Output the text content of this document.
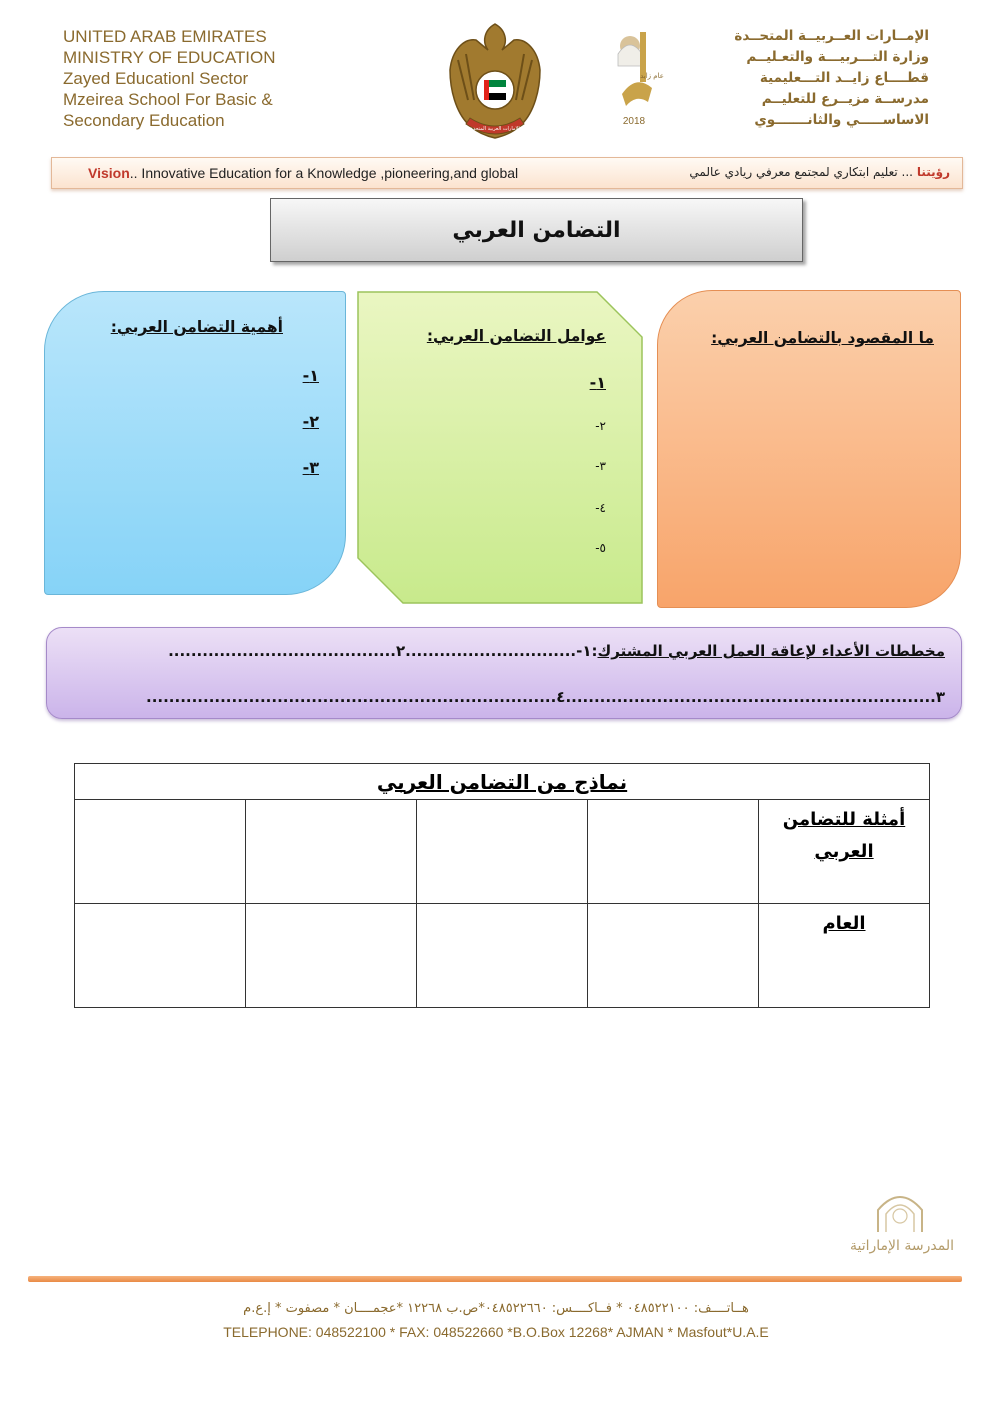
UNITED ARAB EMIRATES
MINISTRY OF EDUCATION
Zayed Educationl Sector
Mzeirea School For Basic &
Secondary Education	الإمارات العربية المتحدة
عام زايد
2018
الإمــارات العــربيــة المتحــدة
وزارة التـــربيـــة والتعـليــم
قطــــاع زايــد التـــعليمية
مدرســة مزيــرع للتعليــم
الاساســـــي والثانـــــــوي
Vision.. Innovative Education for a Knowledge ,pioneering,and global	رؤيتنا ... تعليم ابتكاري لمجتمع معرفي ريادي عالمي
التضامن العربي
أهمية التضامن العربي:
١-
٢-
٣-
عوامل التضامن العربي:
١-
٢-
٣-
٤-
٥-
ما المقصود بالتضامن العربي:
مخططات الأعداء لإعاقة العمل العربي المشترك:١-..............................٢........................................
٣.................................................................٤........................................................................
نماذج من التضامن العربي				
				أمثلة للتضامن العربي
				العام
المدرسة الإماراتية
هــاتــــف: ٠٤٨٥٢٢١٠٠ * فــاكــــس: ٠٤٨٥٢٢٦٦٠*ص.ب ١٢٢٦٨ *عجمــــان * مصفوت * إ.ع.م
TELEPHONE: 048522100 * FAX: 048522660 *B.O.Box 12268* AJMAN * Masfout*U.A.E
